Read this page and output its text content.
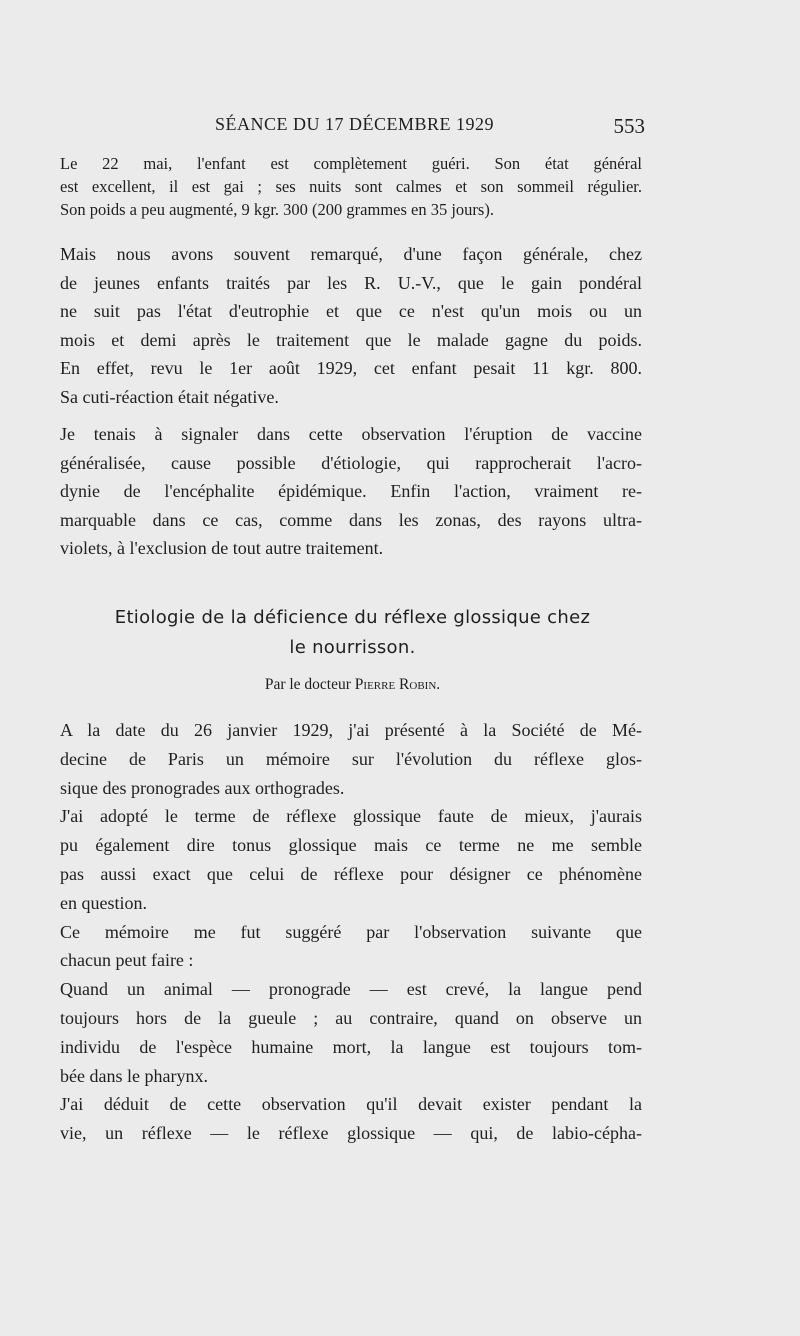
SÉANCE DU 17 DÉCEMBRE 1929	553
Le 22 mai, l'enfant est complètement guéri. Son état général
est excellent, il est gai ; ses nuits sont calmes et son sommeil régulier.
Son poids a peu augmenté, 9 kgr. 300 (200 grammes en 35 jours).
Mais nous avons souvent remarqué, d'une façon générale, chez
de jeunes enfants traités par les R. U.-V., que le gain pondéral
ne suit pas l'état d'eutrophie et que ce n'est qu'un mois ou un
mois et demi après le traitement que le malade gagne du poids.
En effet, revu le 1er août 1929, cet enfant pesait 11 kgr. 800.
Sa cuti-réaction était négative.
Je tenais à signaler dans cette observation l'éruption de vaccine
généralisée, cause possible d'étiologie, qui rapprocherait l'acro-
dynie de l'encéphalite épidémique. Enfin l'action, vraiment re-
marquable dans ce cas, comme dans les zonas, des rayons ultra-
violets, à l'exclusion de tout autre traitement.
Etiologie de la déficience du réflexe glossique chez
le nourrisson.
Par le docteur Pierre Robin.
A la date du 26 janvier 1929, j'ai présenté à la Société de Mé-
decine de Paris un mémoire sur l'évolution du réflexe glos-
sique des pronogrades aux orthogrades.
J'ai adopté le terme de réflexe glossique faute de mieux, j'aurais
pu également dire tonus glossique mais ce terme ne me semble
pas aussi exact que celui de réflexe pour désigner ce phénomène
en question.
Ce mémoire me fut suggéré par l'observation suivante que
chacun peut faire :
Quand un animal — pronograde — est crevé, la langue pend
toujours hors de la gueule ; au contraire, quand on observe un
individu de l'espèce humaine mort, la langue est toujours tom-
bée dans le pharynx.
J'ai déduit de cette observation qu'il devait exister pendant la
vie, un réflexe — le réflexe glossique — qui, de labio-cépha-
